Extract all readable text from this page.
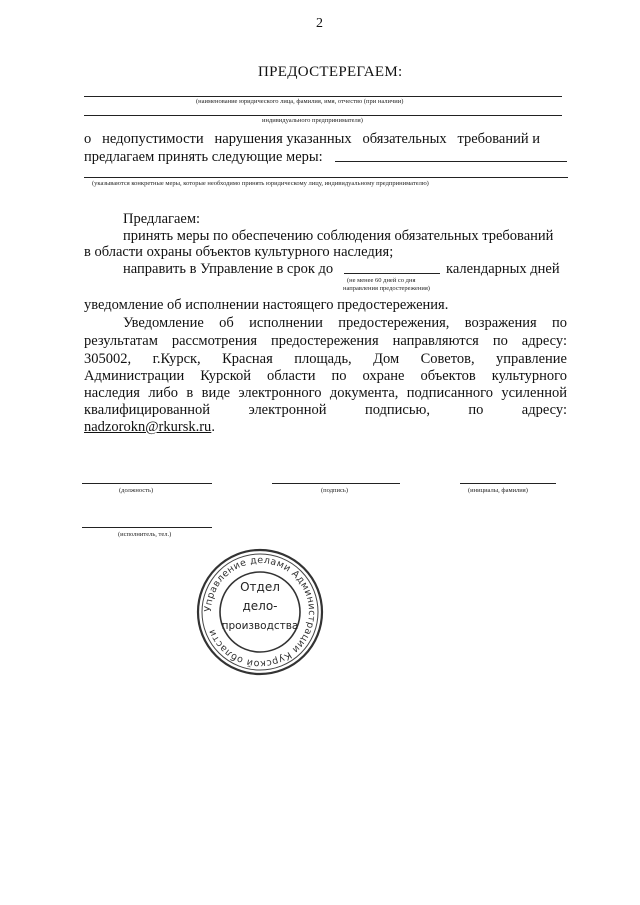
2
ПРЕДОСТЕРЕГАЕМ:
(наименование юридического лица, фамилия, имя, отчество (при наличии)
индивидуального предпринимателя)
о   недопустимости   нарушения указанных   обязательных   требований и
предлагаем принять следующие меры:
(указываются конкретные меры, которые необходимо принять юридическому лицу, индивидуальному предпринимателю)
Предлагаем:
принять меры по обеспечению соблюдения обязательных требований
в области охраны объектов культурного наследия;
направить в Управление в срок до	календарных дней
(не менее 60 дней со дня
направления предостережения)
уведомление об исполнении настоящего предостережения.
Уведомление об исполнении предостережения, возражения по
результатам рассмотрения предостережения направляются по адресу:
305002, г.Курск, Красная площадь, Дом Советов, управление
Администрации Курской области по охране объектов культурного
наследия либо в виде электронного документа, подписанного усиленной
квалифицированной электронной подписью, по адресу:
nadzorokn@rkursk.ru.
(должность)	(подпись)	(инициалы, фамилия)
(исполнитель, тел.)
Управление делами Администрации Курской области
Отдел
дело-
производства
